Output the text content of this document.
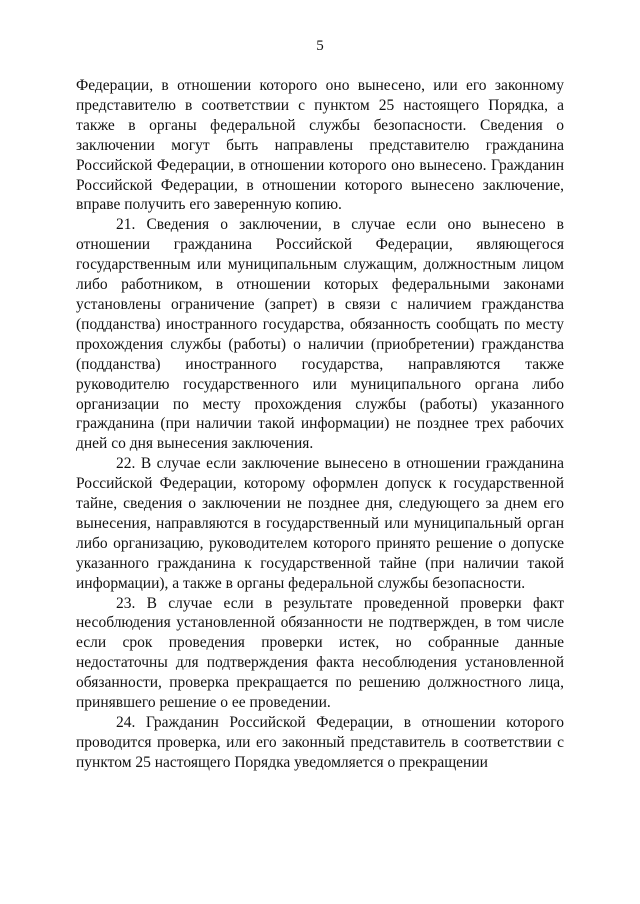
5

Федерации, в отношении которого оно вынесено, или его законному представителю в соответствии с пунктом 25 настоящего Порядка, а также в органы федеральной службы безопасности. Сведения о заключении могут быть направлены представителю гражданина Российской Федерации, в отношении которого оно вынесено. Гражданин Российской Федерации, в отношении которого вынесено заключение, вправе получить его заверенную копию.

21. Сведения о заключении, в случае если оно вынесено в отношении гражданина Российской Федерации, являющегося государственным или муниципальным служащим, должностным лицом либо работником, в отношении которых федеральными законами установлены ограничение (запрет) в связи с наличием гражданства (подданства) иностранного государства, обязанность сообщать по месту прохождения службы (работы) о наличии (приобретении) гражданства (подданства) иностранного государства, направляются также руководителю государственного или муниципального органа либо организации по месту прохождения службы (работы) указанного гражданина (при наличии такой информации) не позднее трех рабочих дней со дня вынесения заключения.

22. В случае если заключение вынесено в отношении гражданина Российской Федерации, которому оформлен допуск к государственной тайне, сведения о заключении не позднее дня, следующего за днем его вынесения, направляются в государственный или муниципальный орган либо организацию, руководителем которого принято решение о допуске указанного гражданина к государственной тайне (при наличии такой информации), а также в органы федеральной службы безопасности.

23. В случае если в результате проведенной проверки факт несоблюдения установленной обязанности не подтвержден, в том числе если срок проведения проверки истек, но собранные данные недостаточны для подтверждения факта несоблюдения установленной обязанности, проверка прекращается по решению должностного лица, принявшего решение о ее проведении.

24. Гражданин Российской Федерации, в отношении которого проводится проверка, или его законный представитель в соответствии с пунктом 25 настоящего Порядка уведомляется о прекращении
